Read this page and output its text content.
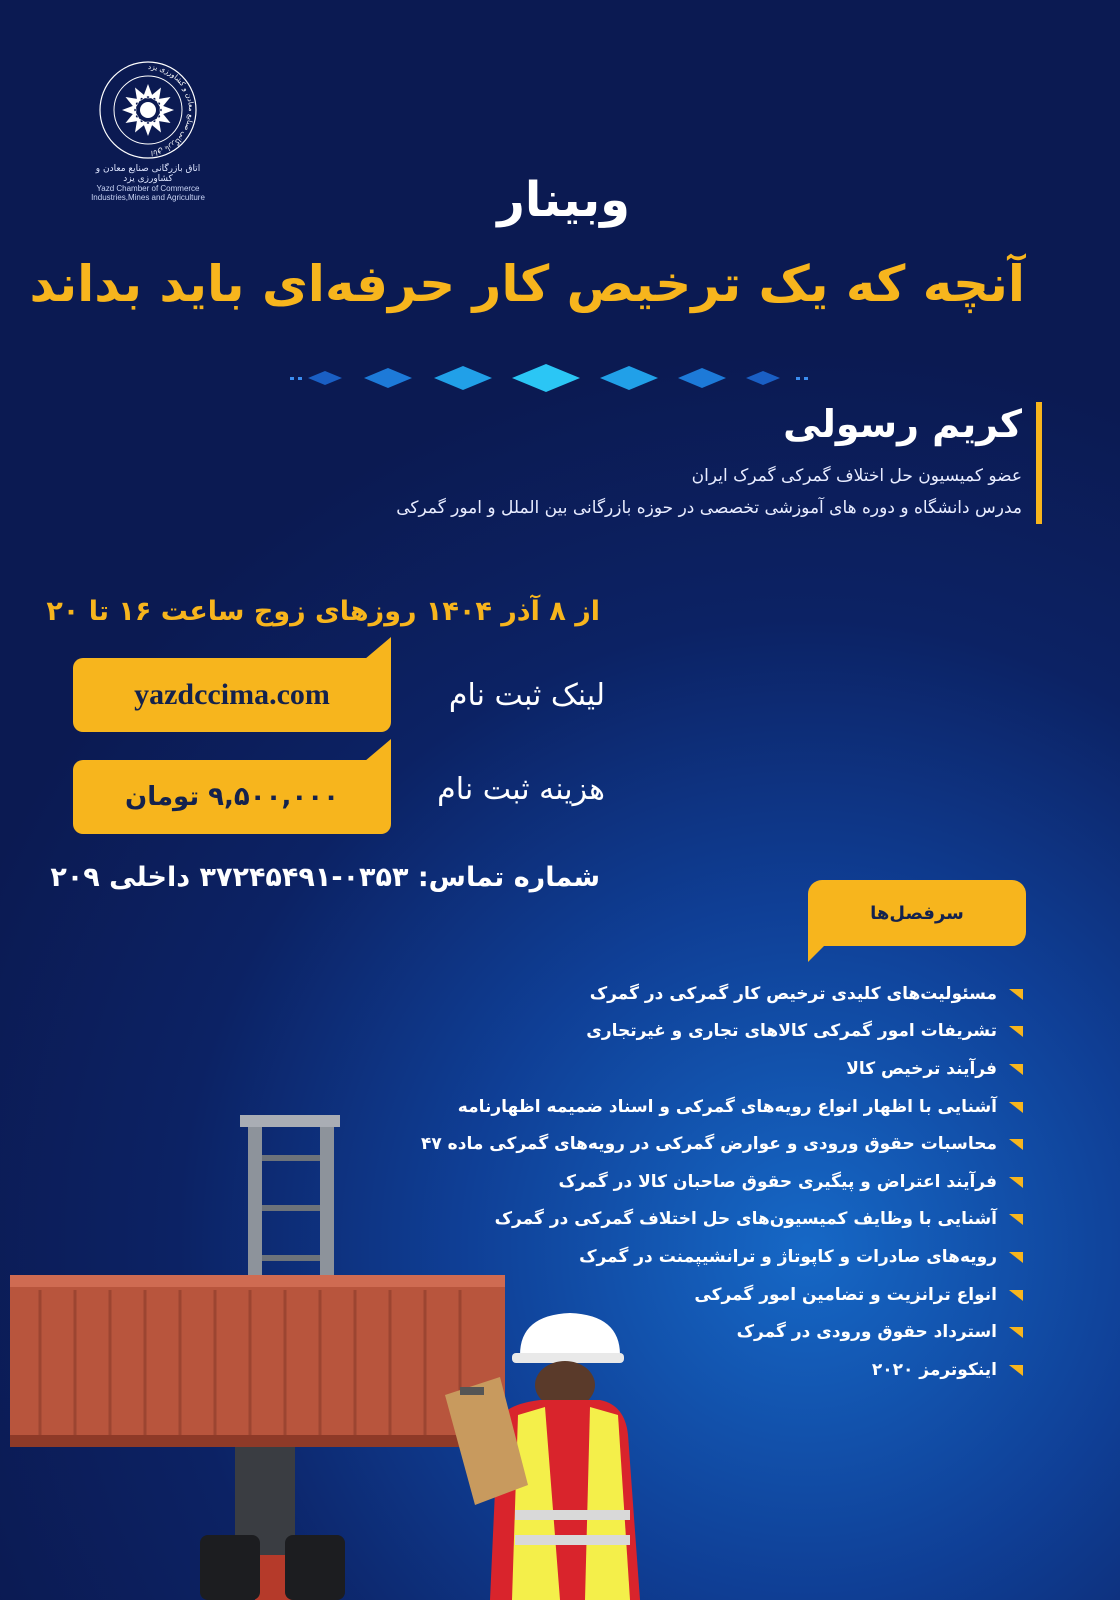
اتاق بازرگانی صنایع معادن و کشاورزی یزد
اتاق بازرگانی صنایع معادن و کشاورزی یزد
Yazd Chamber of Commerce
Industries,Mines and Agriculture	وبینار
آنچه که یک ترخیص کار حرفه‌ای باید بداند
کریم رسولی
عضو کمیسیون حل اختلاف گمرکی گمرک ایران
مدرس دانشگاه و دوره های آموزشی تخصصی در حوزه بازرگانی بین الملل و امور گمرکی
از ۸ آذر ۱۴۰۴ روزهای زوج ساعت ۱۶ تا ۲۰
لینک ثبت نام
yazdccima.com
هزینه ثبت نام
۹,۵۰۰,۰۰۰ تومان
شماره تماس: ۰۳۵۳-۳۷۲۴۵۴۹۱ داخلی ۲۰۹
سرفصل‌ها
مسئولیت‌های کلیدی ترخیص کار گمرکی در گمرک
تشریفات امور گمرکی کالاهای تجاری و غیرتجاری
فرآیند ترخیص کالا
آشنایی با اظهار انواع رویه‌های گمرکی و اسناد ضمیمه اظهارنامه
محاسبات حقوق ورودی و عوارض گمرکی در رویه‌های گمرکی ماده ۴۷
فرآیند اعتراض و پیگیری حقوق صاحبان کالا در گمرک
آشنایی با وظایف کمیسیون‌های حل اختلاف گمرکی در گمرک
رویه‌های صادرات و کاپوتاژ و ترانشیپمنت در گمرک
انواع ترانزیت و تضامین امور گمرکی
استرداد حقوق ورودی در گمرک
اینکوترمز ۲۰۲۰
